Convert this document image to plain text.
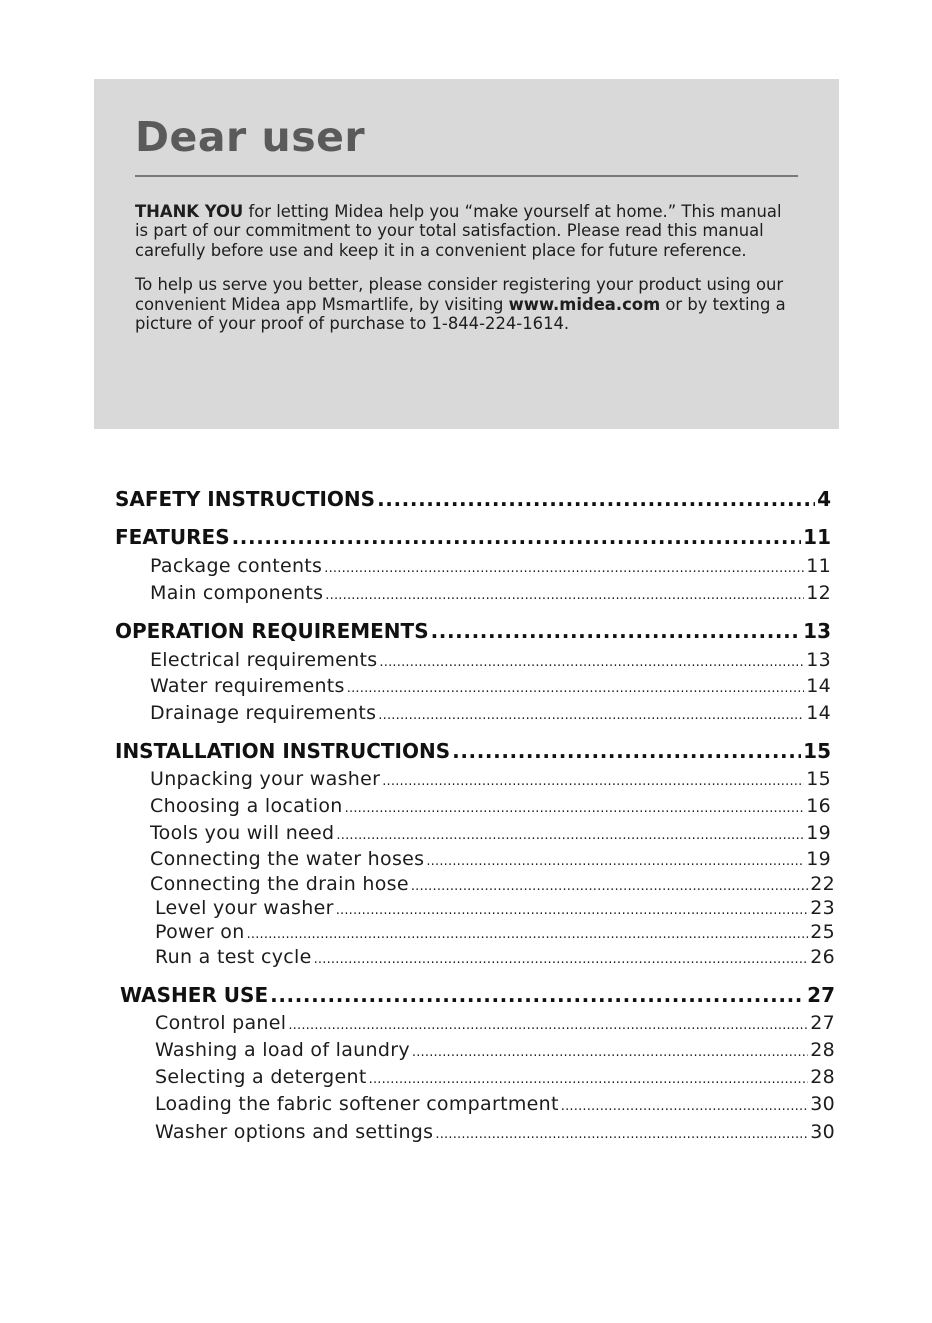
Dear user

THANK YOU for letting Midea help you “make yourself at home.” This manual is part of our commitment to your total satisfaction. Please read this manual carefully before use and keep it in a convenient place for future reference.

To help us serve you better, please consider registering your product using our convenient Midea app Msmartlife, by visiting www.midea.com or by texting a picture of your proof of purchase to 1-844-224-1614.

SAFETY INSTRUCTIONS .....	4
FEATURES .....	11
Package contents .....	11
Main components .....	12
OPERATION REQUIREMENTS .....	13
Electrical requirements .....	13
Water requirements .....	14
Drainage requirements .....	14
INSTALLATION INSTRUCTIONS .....	15
Unpacking your washer .....	15
Choosing a location .....	16
Tools you will need .....	19
Connecting the water hoses .....	19
Connecting the drain hose .....	22
Level your washer .....	23
Power on .....	25
Run a test cycle .....	26
WASHER USE .....	27
Control panel .....	27
Washing a load of laundry .....	28
Selecting a detergent .....	28
Loading the fabric softener compartment .....	30
Washer options and settings .....	30
